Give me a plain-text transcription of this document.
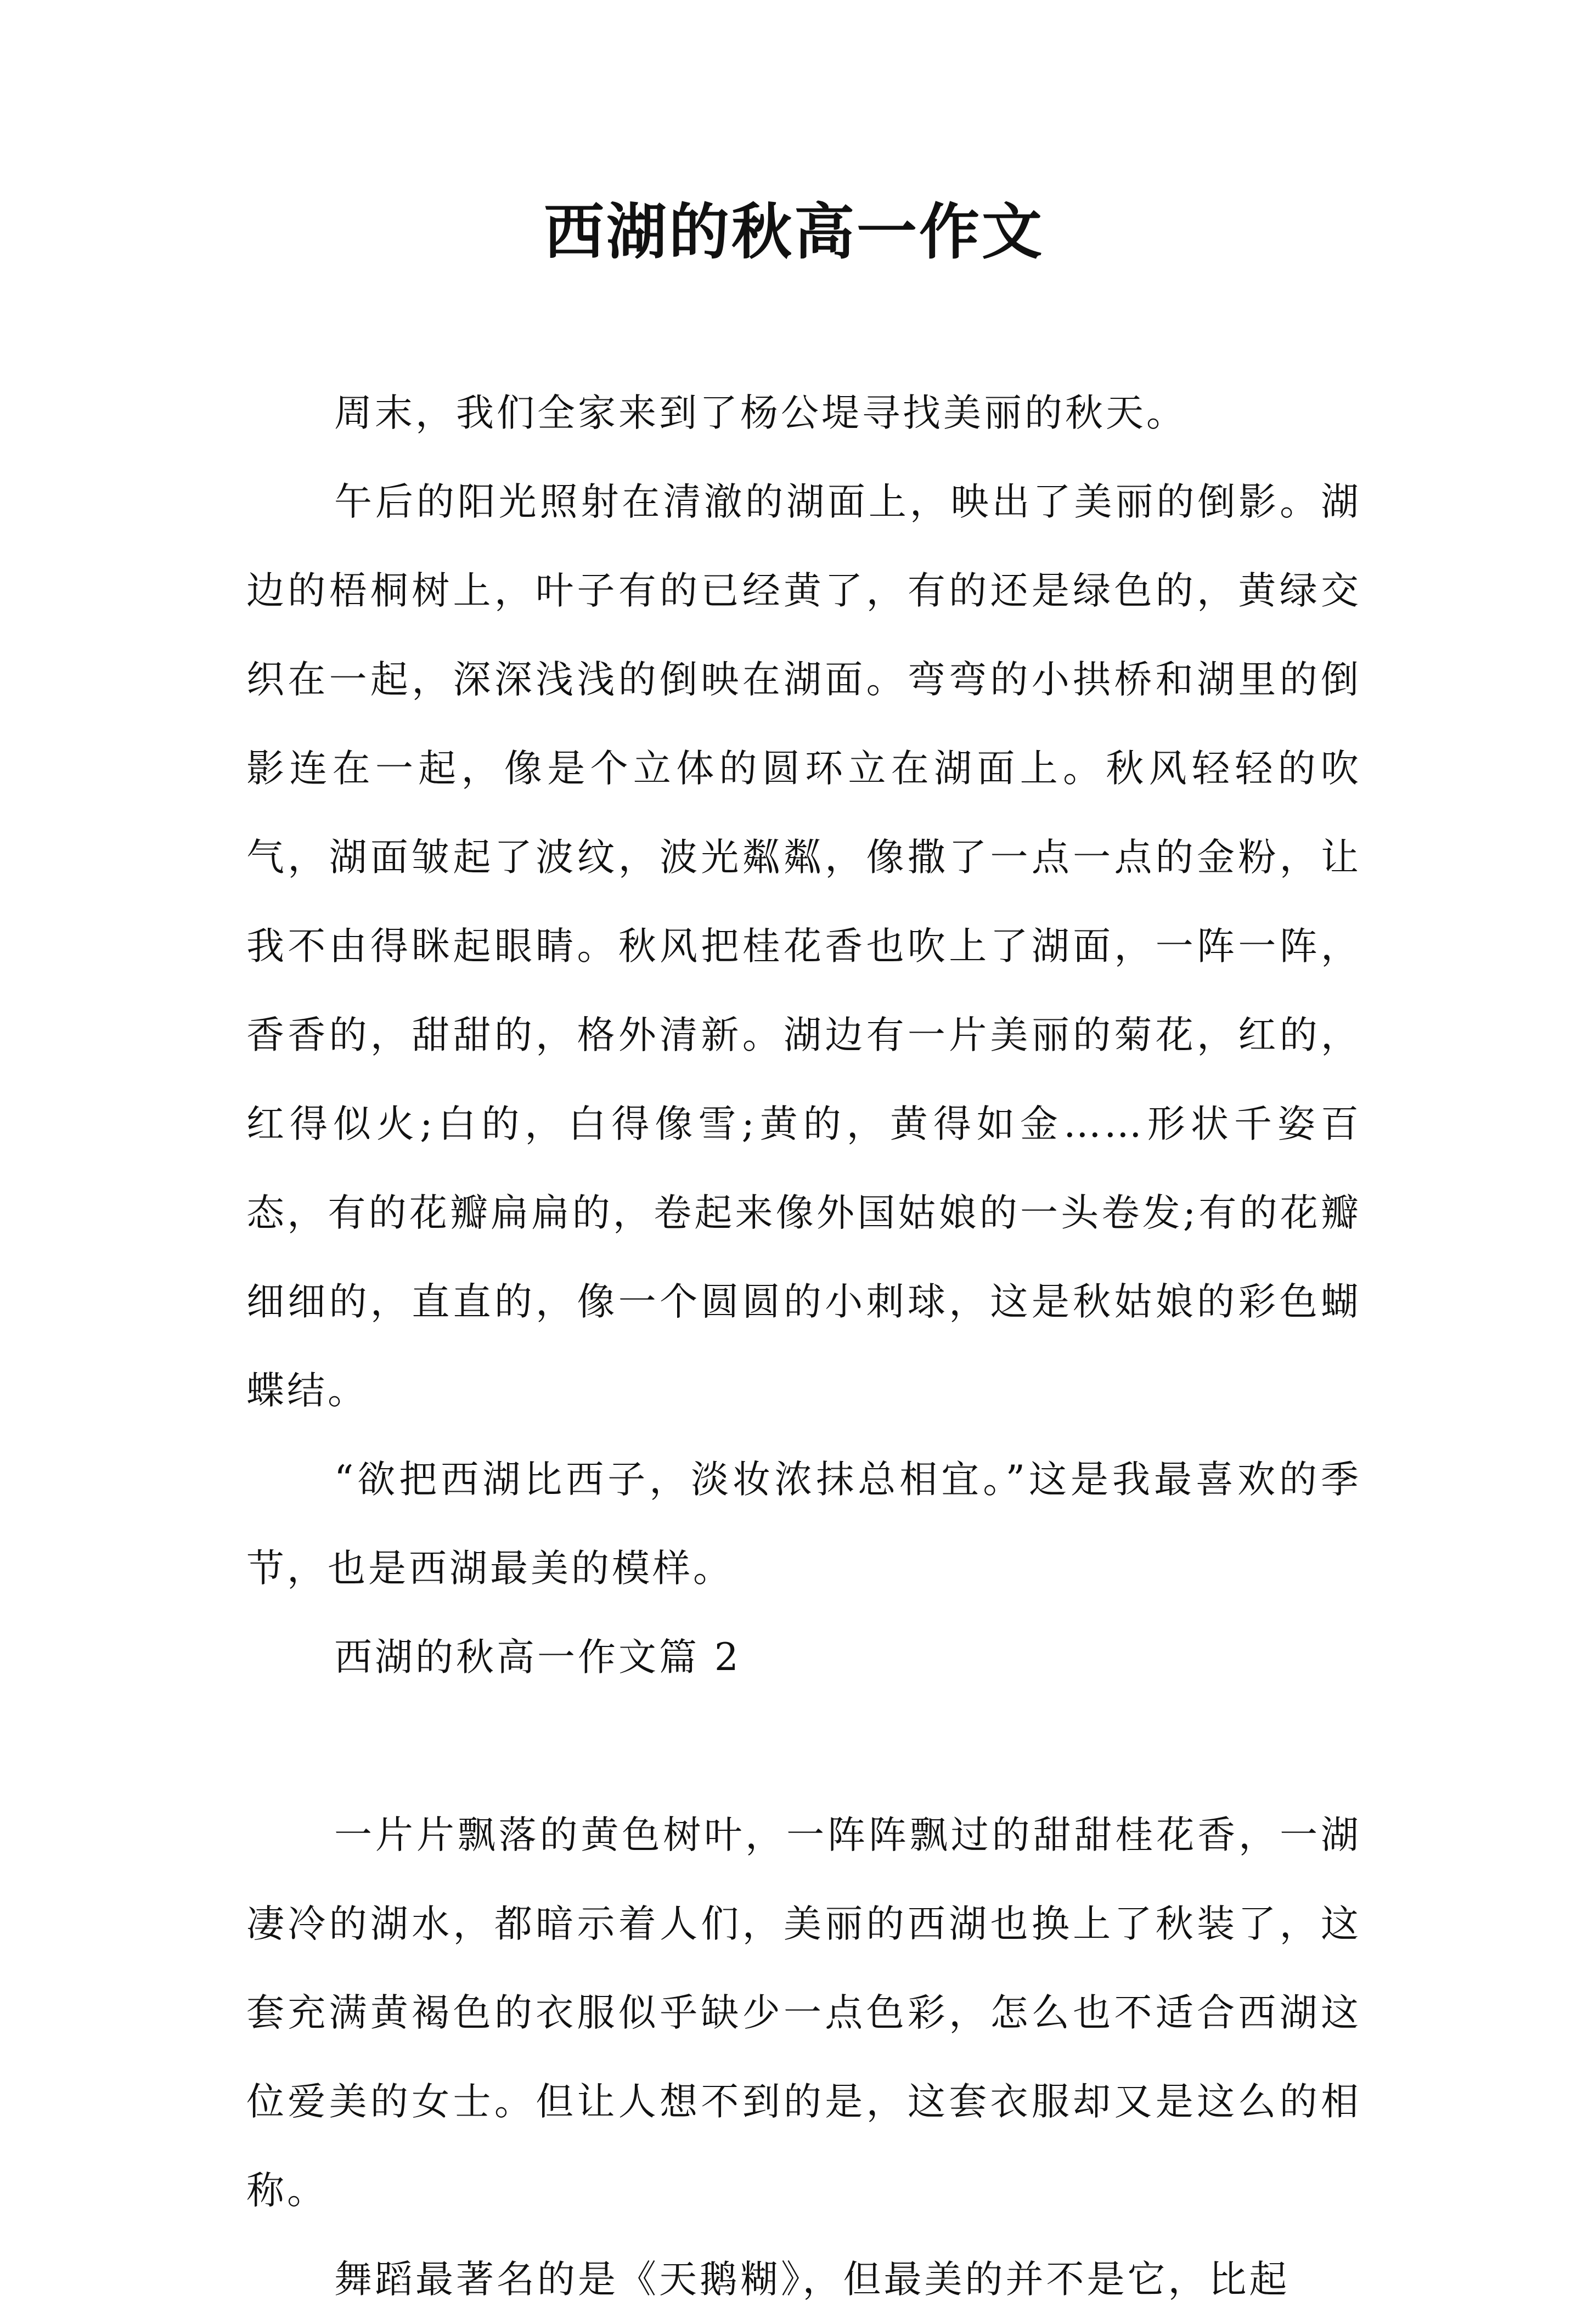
西湖的秋高一作文

周末，我们全家来到了杨公堤寻找美丽的秋天。

午后的阳光照射在清澈的湖面上，映出了美丽的倒影。湖边的梧桐树上，叶子有的已经黄了，有的还是绿色的，黄绿交织在一起，深深浅浅的倒映在湖面。弯弯的小拱桥和湖里的倒影连在一起，像是个立体的圆环立在湖面上。秋风轻轻的吹气，湖面皱起了波纹，波光粼粼，像撒了一点一点的金粉，让我不由得眯起眼睛。秋风把桂花香也吹上了湖面，一阵一阵，香香的，甜甜的，格外清新。湖边有一片美丽的菊花，红的，红得似火;白的，白得像雪;黄的，黄得如金……形状千姿百态，有的花瓣扁扁的，卷起来像外国姑娘的一头卷发;有的花瓣细细的，直直的，像一个圆圆的小刺球，这是秋姑娘的彩色蝴蝶结。

“欲把西湖比西子，淡妆浓抹总相宜。”这是我最喜欢的季节，也是西湖最美的模样。

西湖的秋高一作文篇 2

一片片飘落的黄色树叶，一阵阵飘过的甜甜桂花香，一湖凄冷的湖水，都暗示着人们，美丽的西湖也换上了秋装了，这套充满黄褐色的衣服似乎缺少一点色彩，怎么也不适合西湖这位爱美的女士。但让人想不到的是，这套衣服却又是这么的相称。

舞蹈最著名的是《天鹅糊》，但最美的并不是它，比起
